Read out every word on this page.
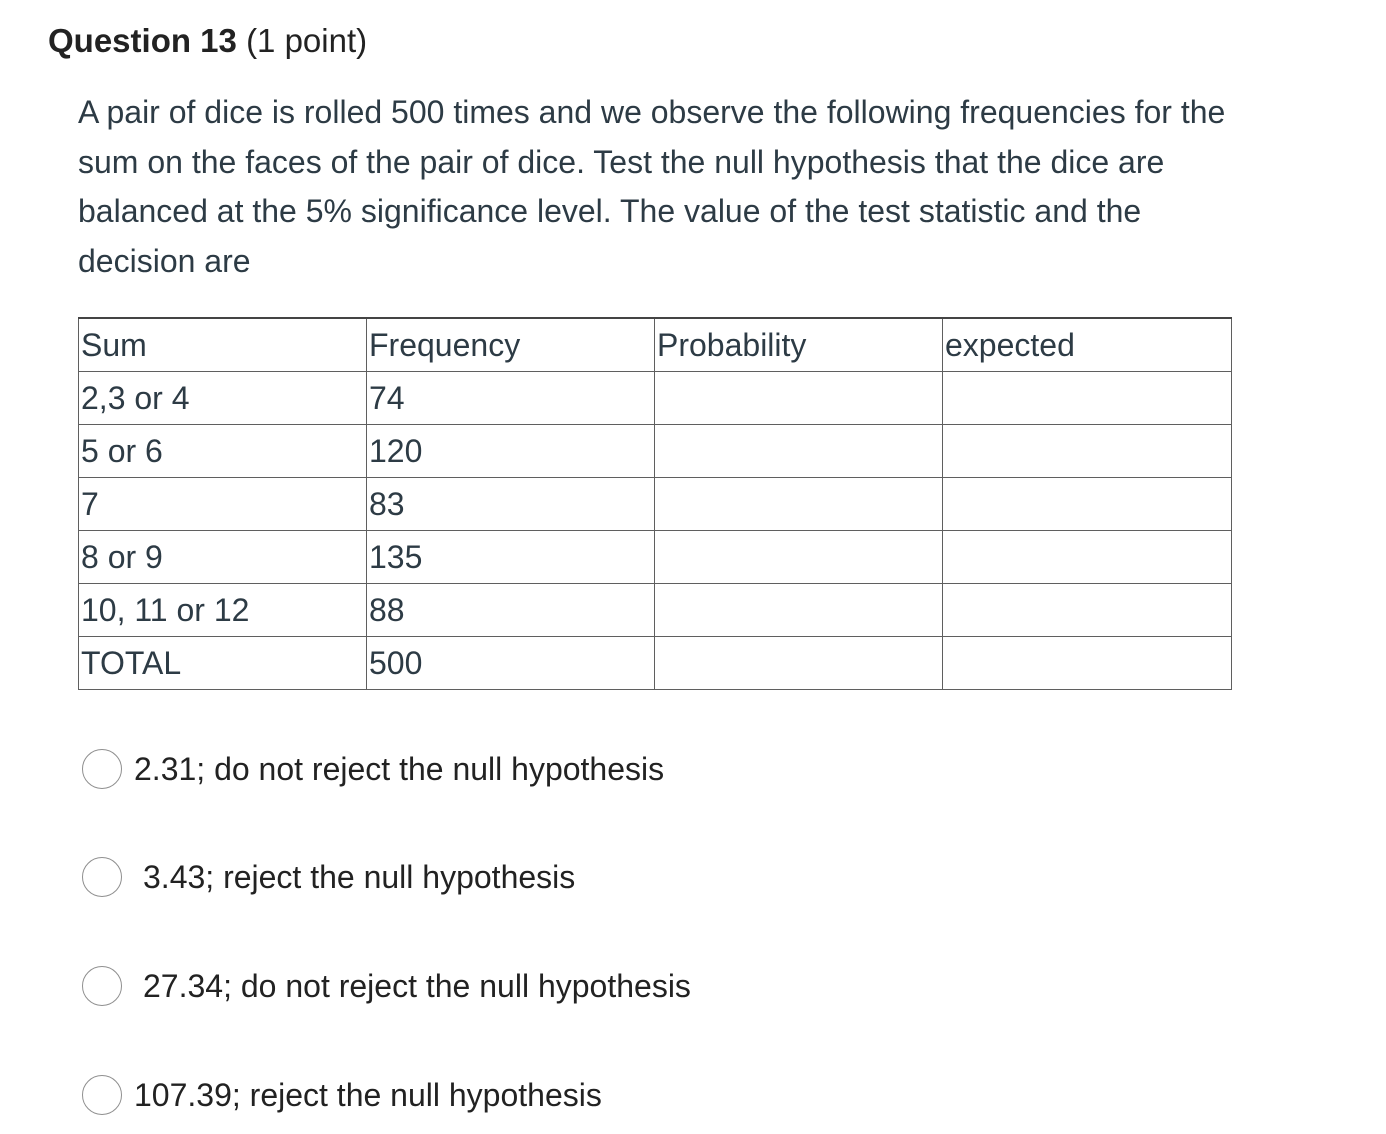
Question 13 (1 point)
A pair of dice is rolled 500 times and we observe the following frequencies for the sum on the faces of the pair of dice. Test the null hypothesis that the dice are balanced at the 5% significance level. The value of the test statistic and the decision are
Sum	Frequency	Probability	expected
2,3 or 4	74		
5 or 6	120		
7	83		
8 or 9	135		
10, 11 or 12	88		
TOTAL	500		
2.31; do not reject the null hypothesis
3.43; reject the null hypothesis
27.34; do not reject the null hypothesis
107.39; reject the null hypothesis
